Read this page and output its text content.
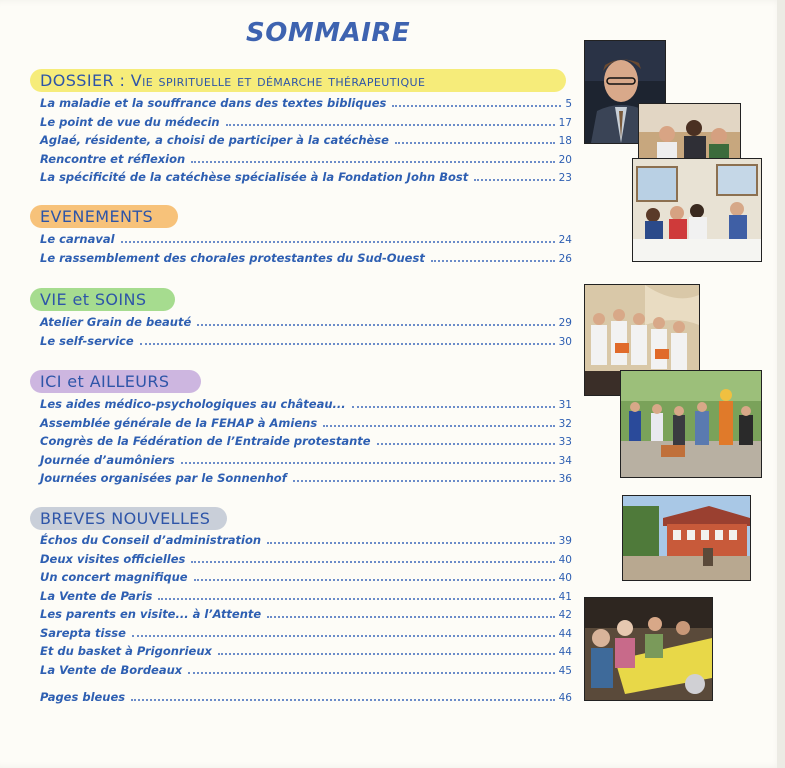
SOMMAIRE
DOSSIER : Vie spirituelle et démarche thérapeutique
La maladie et la souffrance dans des textes bibliques	5
Le point de vue du médecin	17
Aglaé, résidente, a choisi de participer à la catéchèse	18
Rencontre et réflexion	20
La spécificité de la catéchèse spécialisée à la Fondation John Bost	23
EVENEMENTS
Le carnaval	24
Le rassemblement des chorales protestantes du Sud-Ouest	26
VIE et SOINS
Atelier Grain de beauté	29
Le self-service	30
ICI et AILLEURS
Les aides médico-psychologiques au château...	31
Assemblée générale de la FEHAP à Amiens	32
Congrès de la Fédération de l’Entraide protestante	33
Journée d’aumôniers	34
Journées organisées par le Sonnenhof	36
BREVES NOUVELLES
Échos du Conseil d’administration	39
Deux visites officielles	40
Un concert magnifique	40
La Vente de Paris	41
Les parents en visite... à l’Attente	42
Sarepta tisse	44
Et du basket à Prigonrieux	44
La Vente de Bordeaux	45
Pages bleues	46
